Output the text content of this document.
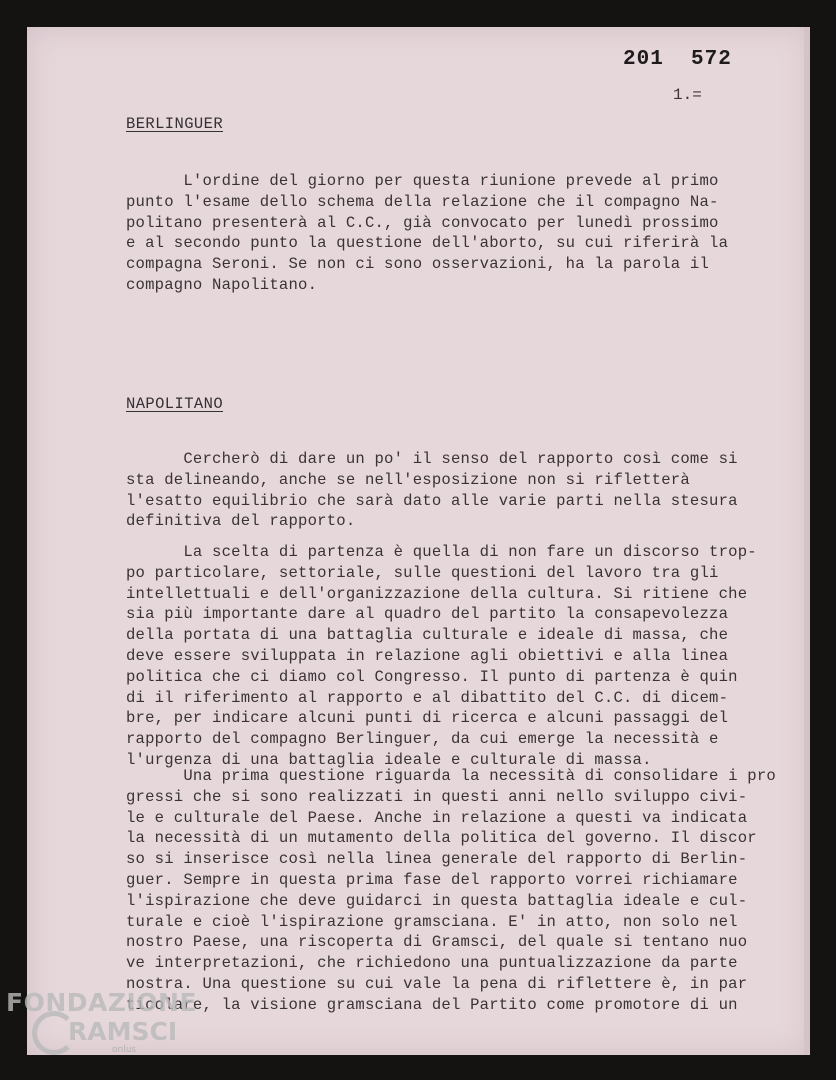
201  572
1.=
BERLINGUER

L'ordine del giorno per questa riunione prevede al primo
punto l'esame dello schema della relazione che il compagno Na-
politano presenterà al C.C., già convocato per lunedì prossimo
e al secondo punto la questione dell'aborto, su cui riferirà la
compagna Seroni. Se non ci sono osservazioni, ha la parola il
compagno Napolitano.

NAPOLITANO

Cercherò di dare un po' il senso del rapporto così come si
sta delineando, anche se nell'esposizione non si rifletterà
l'esatto equilibrio che sarà dato alle varie parti nella stesura
definitiva del rapporto.

La scelta di partenza è quella di non fare un discorso trop-
po particolare, settoriale, sulle questioni del lavoro tra gli
intellettuali e dell'organizzazione della cultura. Si ritiene che
sia più importante dare al quadro del partito la consapevolezza
della portata di una battaglia culturale e ideale di massa, che
deve essere sviluppata in relazione agli obiettivi e alla linea
politica che ci diamo col Congresso. Il punto di partenza è quin
di il riferimento al rapporto e al dibattito del C.C. di dicem-
bre, per indicare alcuni punti di ricerca e alcuni passaggi del
rapporto del compagno Berlinguer, da cui emerge la necessità e
l'urgenza di una battaglia ideale e culturale di massa.

Una prima questione riguarda la necessità di consolidare i pro
gressi che si sono realizzati in questi anni nello sviluppo civi-
le e culturale del Paese. Anche in relazione a questi va indicata
la necessità di un mutamento della politica del governo. Il discor
so si inserisce così nella linea generale del rapporto di Berlin-
guer. Sempre in questa prima fase del rapporto vorrei richiamare
l'ispirazione che deve guidarci in questa battaglia ideale e cul-
turale e cioè l'ispirazione gramsciana. E' in atto, non solo nel
nostro Paese, una riscoperta di Gramsci, del quale si tentano nuo
ve interpretazioni, che richiedono una puntualizzazione da parte
nostra. Una questione su cui vale la pena di riflettere è, in par
ticolare, la visione gramsciana del Partito come promotore di un

FONDAZIONE
RAMSCI
onlus
